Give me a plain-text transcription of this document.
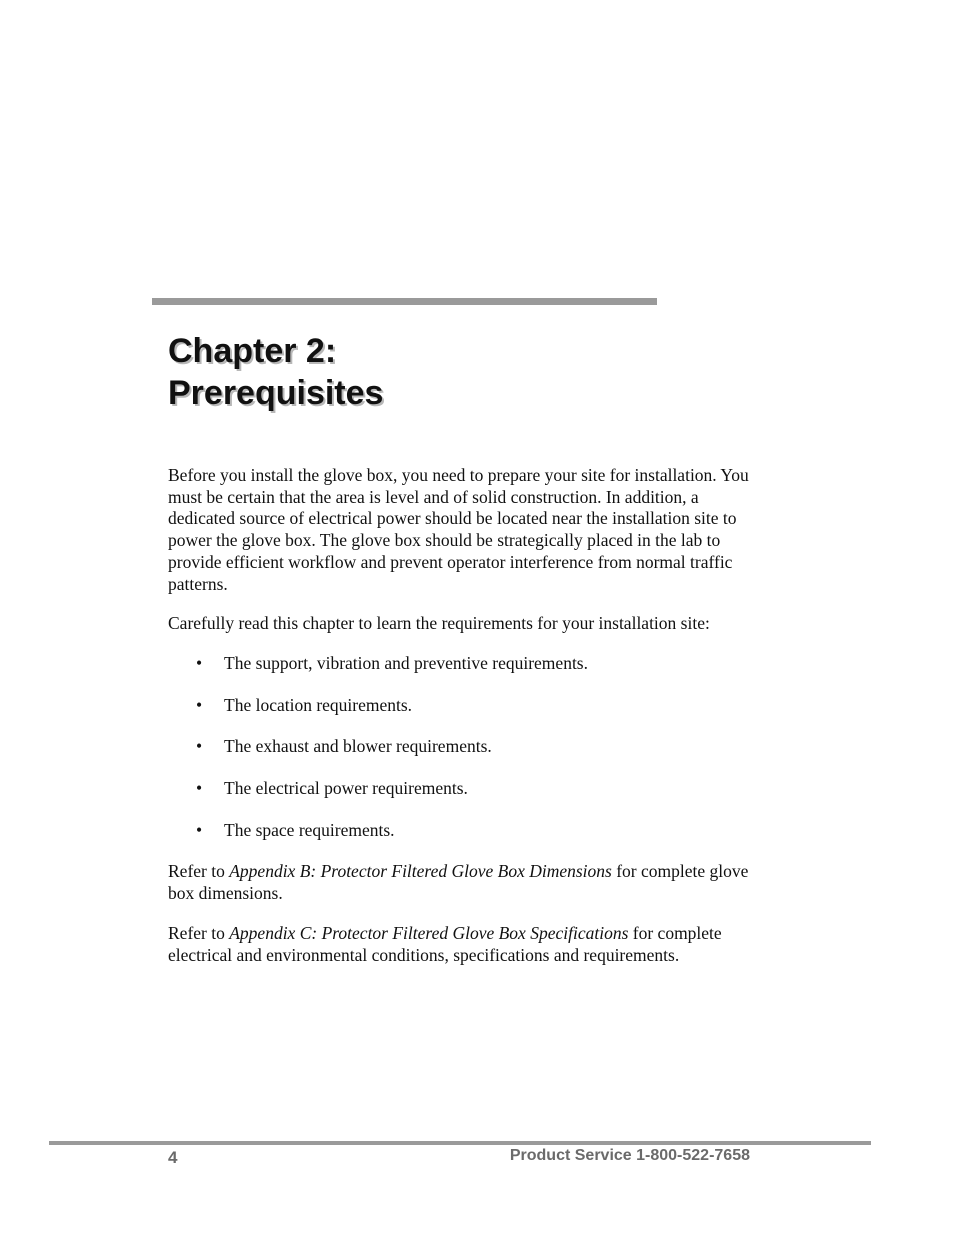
Chapter 2:
Prerequisites

Before you install the glove box, you need to prepare your site for installation. You must be certain that the area is level and of solid construction. In addition, a dedicated source of electrical power should be located near the installation site to power the glove box. The glove box should be strategically placed in the lab to provide efficient workflow and prevent operator interference from normal traffic patterns.

Carefully read this chapter to learn the requirements for your installation site:

• The support, vibration and preventive requirements.
• The location requirements.
• The exhaust and blower requirements.
• The electrical power requirements.
• The space requirements.

Refer to Appendix B: Protector Filtered Glove Box Dimensions for complete glove box dimensions.

Refer to Appendix C: Protector Filtered Glove Box Specifications for complete electrical and environmental conditions, specifications and requirements.

4	Product Service 1-800-522-7658
